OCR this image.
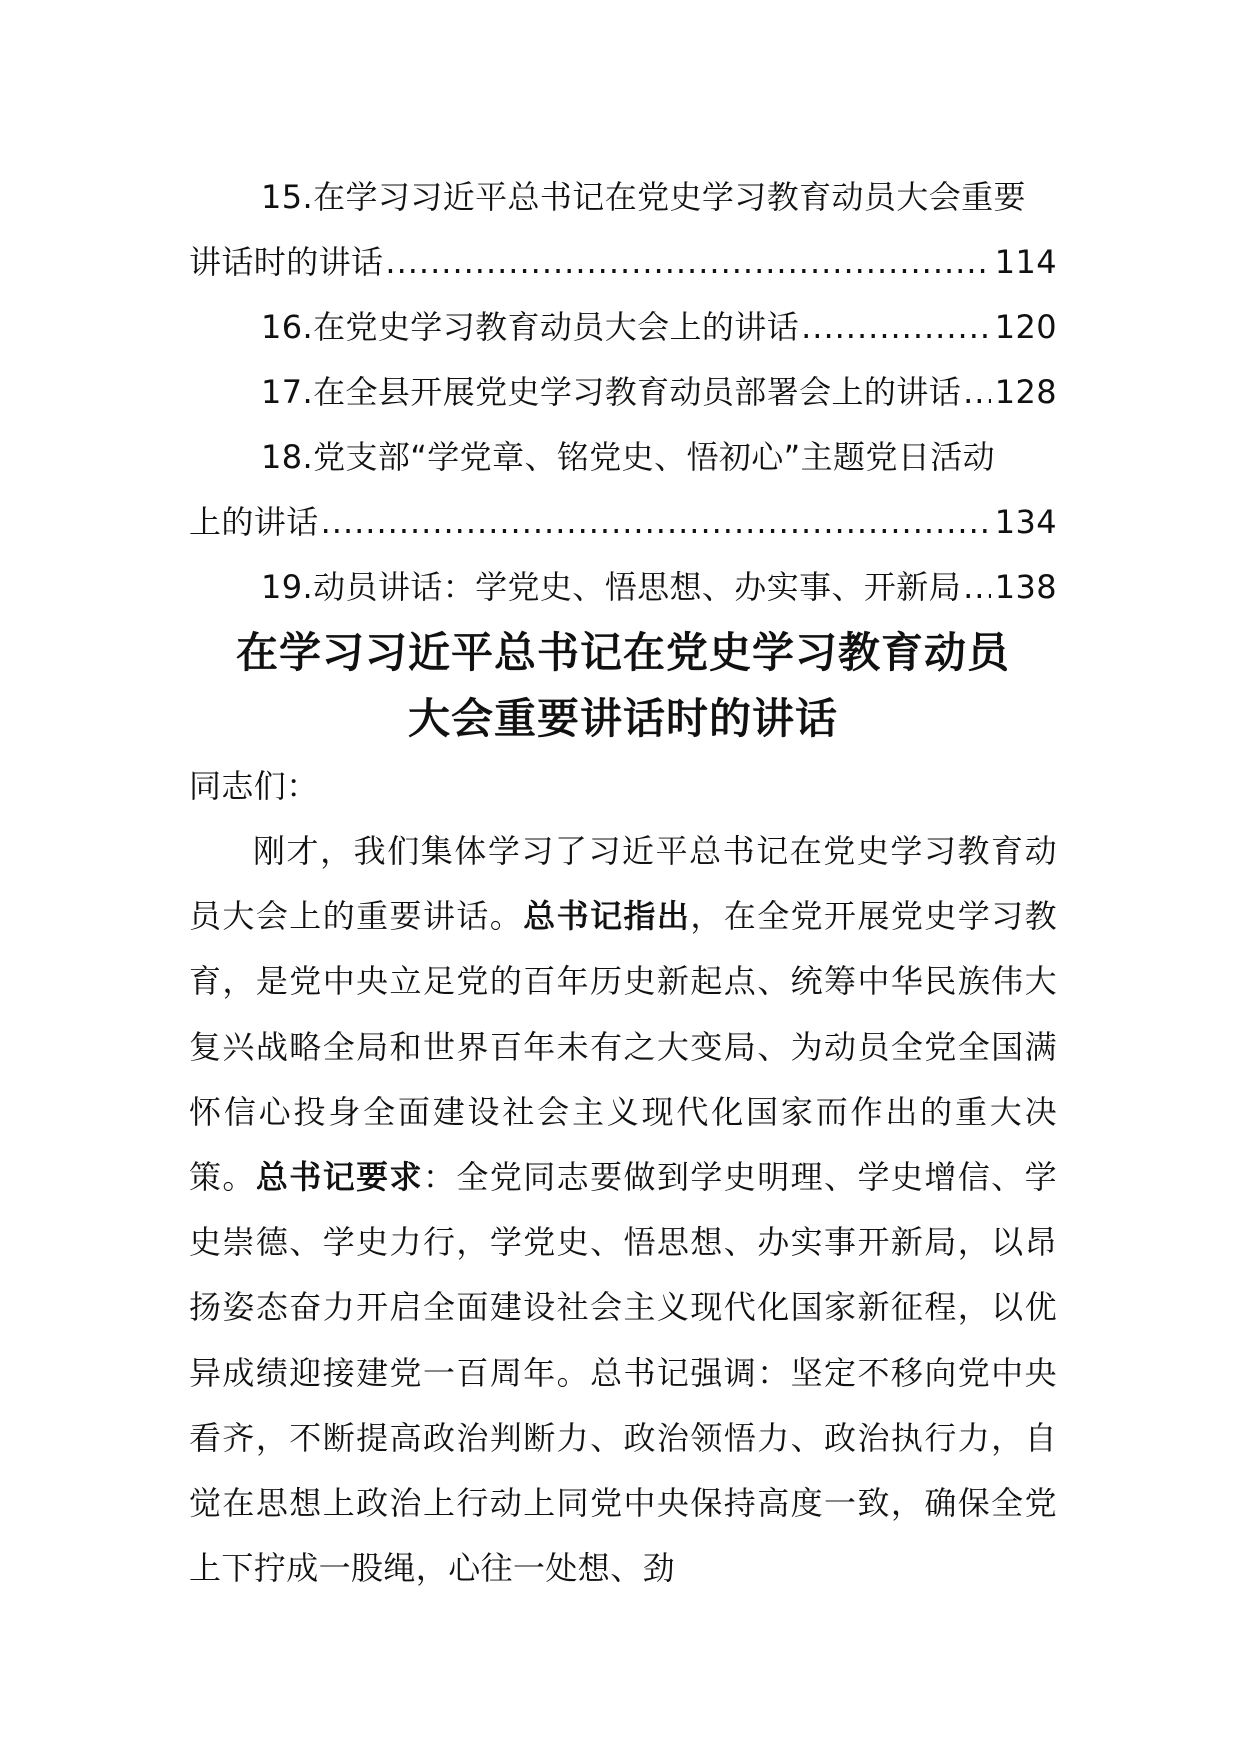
15.在学习习近平总书记在党史学习教育动员大会重要
讲话时的讲话 .....	114
16. 在党史学习教育动员大会上的讲话 .....	120
17. 在全县开展党史学习教育动员部署会上的讲话 ..... 128
18.党支部“学党章、铭党史、悟初心”主题党日活动
上的讲话 .....	134
19. 动员讲话：学党史、悟思想、办实事、开新局 ..... 138
在学习习近平总书记在党史学习教育动员
大会重要讲话时的讲话
同志们：

刚才，我们集体学习了习近平总书记在党史学习教育动员大会上的重要讲话。总书记指出，在全党开展党史学习教育，是党中央立足党的百年历史新起点、统筹中华民族伟大复兴战略全局和世界百年未有之大变局、为动员全党全国满怀信心投身全面建设社会主义现代化国家而作出的重大决策。总书记要求：全党同志要做到学史明理、学史增信、学史崇德、学史力行，学党史、悟思想、办实事开新局，以昂扬姿态奋力开启全面建设社会主义现代化国家新征程，以优异成绩迎接建党一百周年。总书记强调：坚定不移向党中央看齐，不断提高政治判断力、政治领悟力、政治执行力，自觉在思想上政治上行动上同党中央保持高度一致，确保全党上下拧成一股绳，心往一处想、劲
